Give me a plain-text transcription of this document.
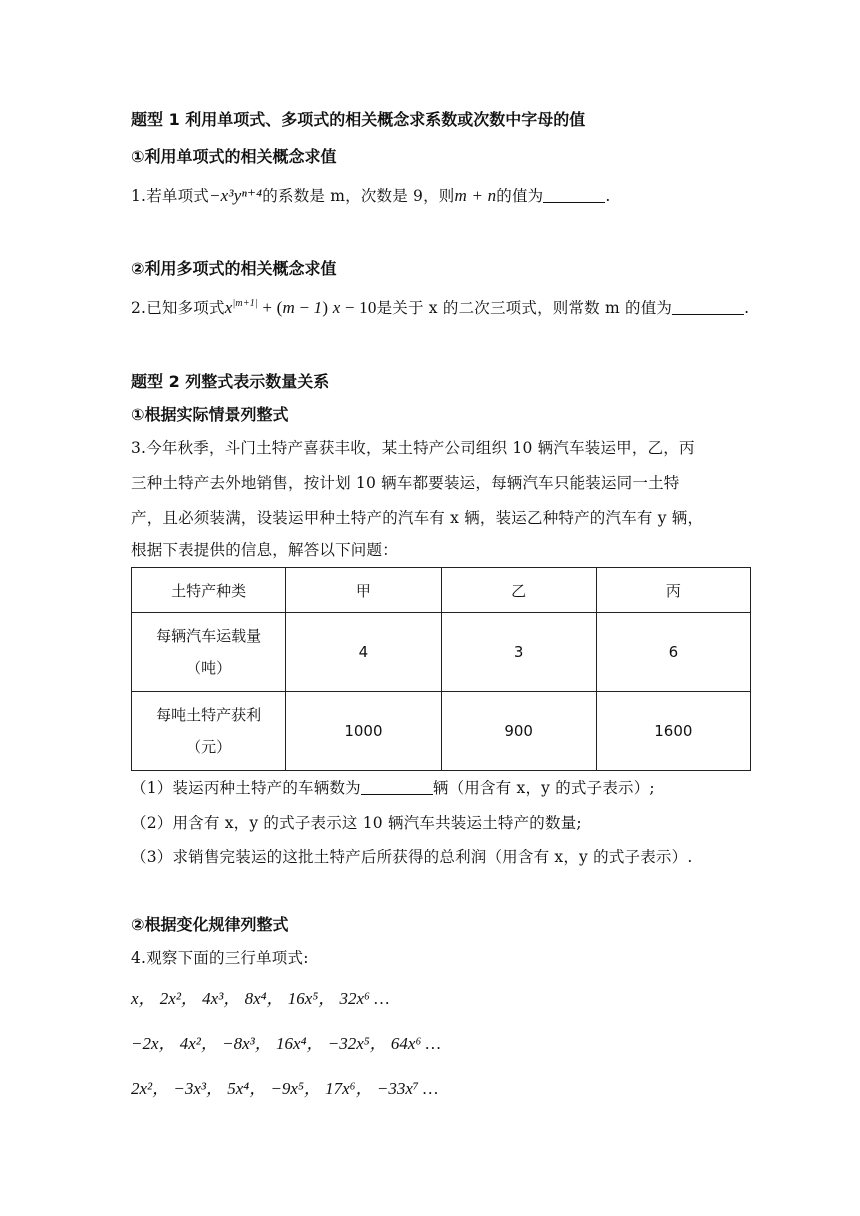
题型 1 利用单项式、多项式的相关概念求系数或次数中字母的值
①利用单项式的相关概念求值
1.若单项式−x³yⁿ⁺⁴的系数是 m，次数是 9，则m + n的值为	.
②利用多项式的相关概念求值
2.已知多项式$x^{|m+1|} + (m - 1) x - 10$是关于 x 的二次三项式，则常数 m 的值为	.
题型 2 列整式表示数量关系
①根据实际情景列整式
3.今年秋季，斗门土特产喜获丰收，某土特产公司组织 10 辆汽车装运甲，乙，丙
三种土特产去外地销售，按计划 10 辆车都要装运，每辆汽车只能装运同一土特
产，且必须装满，设装运甲种土特产的汽车有 x 辆，装运乙种特产的汽车有 y 辆，
根据下表提供的信息，解答以下问题：
土特产种类	甲	乙	丙

每辆汽车运载量
（吨）	4	3	6

每吨土特产获利
（元）	1000	900	1600
（1）装运丙种土特产的车辆数为	辆（用含有 x，y 的式子表示）;
（2）用含有 x，y 的式子表示这 10 辆汽车共装运土特产的数量;
（3）求销售完装运的这批土特产后所获得的总利润（用含有 x，y 的式子表示）.
②根据变化规律列整式
4.观察下面的三行单项式:
x， 2x²， 4x³， 8x⁴， 16x⁵， 32x⁶ …
−2x， 4x²， −8x³， 16x⁴， −32x⁵， 64x⁶ …
2x²， −3x³， 5x⁴， −9x⁵， 17x⁶， −33x⁷ …
